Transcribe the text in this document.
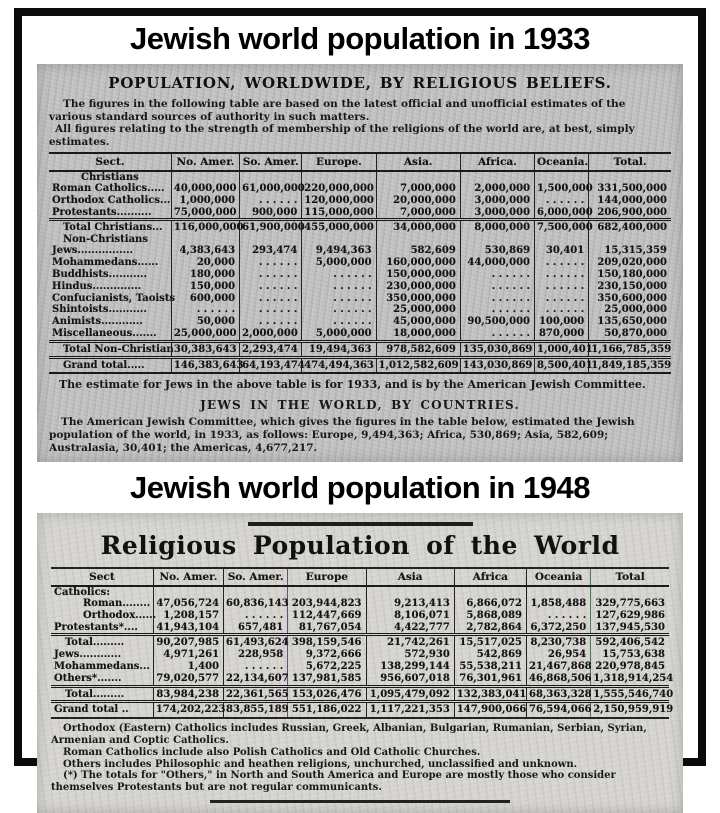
Jewish world population in 1933
POPULATION, WORLDWIDE, BY RELIGIOUS BELIEFS.

The figures in the following table are based on the latest official and unofficial estimates of the various standard sources of authority in such matters.

All figures relating to the strength of membership of the religions of the world are, at best, simply estimates.

Sect.	No. Amer.	So. Amer.	Europe.	Asia.	Africa.	Oceania.	Total.
Christians							
Roman Catholics.....	40,000,000	61,000,000	220,000,000	7,000,000	2,000,000	1,500,000	331,500,000
Orthodox Catholics...	1,000,000	. . . . . .	120,000,000	20,000,000	3,000,000	. . . . . .	144,000,000
Protestants..........	75,000,000	900,000	115,000,000	7,000,000	3,000,000	6,000,000	206,900,000
Total Christians...	116,000,000	61,900,000	455,000,000	34,000,000	8,000,000	7,500,000	682,400,000
Non-Christians							
Jews................	4,383,643	293,474	9,494,363	582,609	530,869	30,401	15,315,359
Mohammedans......	20,000	. . . . . .	5,000,000	160,000,000	44,000,000	. . . . . .	209,020,000
Buddhists...........	180,000	. . . . . .	. . . . . .	150,000,000	. . . . . .	. . . . . .	150,180,000
Hindus..............	150,000	. . . . . .	. . . . . .	230,000,000	. . . . . .	. . . . . .	230,150,000
Confucianists, Taoists	600,000	. . . . . .	. . . . . .	350,000,000	. . . . . .	. . . . . .	350,600,000
Shintoists...........	. . . . . .	. . . . . .	. . . . . .	25,000,000	. . . . . .	. . . . . .	25,000,000
Animists............	50,000	. . . . . .	. . . . . .	45,000,000	90,500,000	100,000	135,650,000
Miscellaneous.......	25,000,000	2,000,000	5,000,000	18,000,000	. . . . . .	870,000	50,870,000
Total Non-Christian	30,383,643	2,293,474	19,494,363	978,582,609	135,030,869	1,000,401	1,166,785,359
Grand total.....	146,383,643	64,193,474	474,494,363	1,012,582,609	143,030,869	8,500,401	1,849,185,359

The estimate for Jews in the above table is for 1933, and is by the American Jewish Committee.

JEWS IN THE WORLD, BY COUNTRIES.

The American Jewish Committee, which gives the figures in the table below, estimated the Jewish population of the world, in 1933, as follows: Europe, 9,494,363; Africa, 530,869; Asia, 582,609; Australasia, 30,401; the Americas, 4,677,217.

Jewish world population in 1948
Religious Population of the World
Sect	No. Amer.	So. Amer.	Europe	Asia	Africa	Oceania	Total
Catholics:							
Roman........	47,056,724	60,836,143	203,944,823	9,213,413	6,866,072	1,858,488	329,775,663
Orthodox......	1,208,157	. . . . . .	112,447,669	8,106,071	5,868,089	. . . . . .	127,629,986
Protestants*....	41,943,104	657,481	81,767,054	4,422,777	2,782,864	6,372,250	137,945,530
Total.........	90,207,985	61,493,624	398,159,546	21,742,261	15,517,025	8,230,738	592,406,542
Jews............	4,971,261	228,958	9,372,666	572,930	542,869	26,954	15,753,638
Mohammedans...	1,400	. . . . . .	5,672,225	138,299,144	55,538,211	21,467,868	220,978,845
Others*.......	79,020,577	22,134,607	137,981,585	956,607,018	76,301,961	46,868,506	1,318,914,254
Total.........	83,984,238	22,361,565	153,026,476	1,095,479,092	132,383,041	68,363,328	1,555,546,740
Grand total ..	174,202,223	83,855,189	551,186,022	1,117,221,353	147,900,066	76,594,066	2,150,959,919

Orthodox (Eastern) Catholics includes Russian, Greek, Albanian, Bulgarian, Rumanian, Serbian, Syrian, Armenian and Coptic Catholics.

Roman Catholics include also Polish Catholics and Old Catholic Churches.

Others includes Philosophic and heathen religions, unchurched, unclassified and unknown.

(*) The totals for "Others," in North and South America and Europe are mostly those who consider themselves Protestants but are not regular communicants.
